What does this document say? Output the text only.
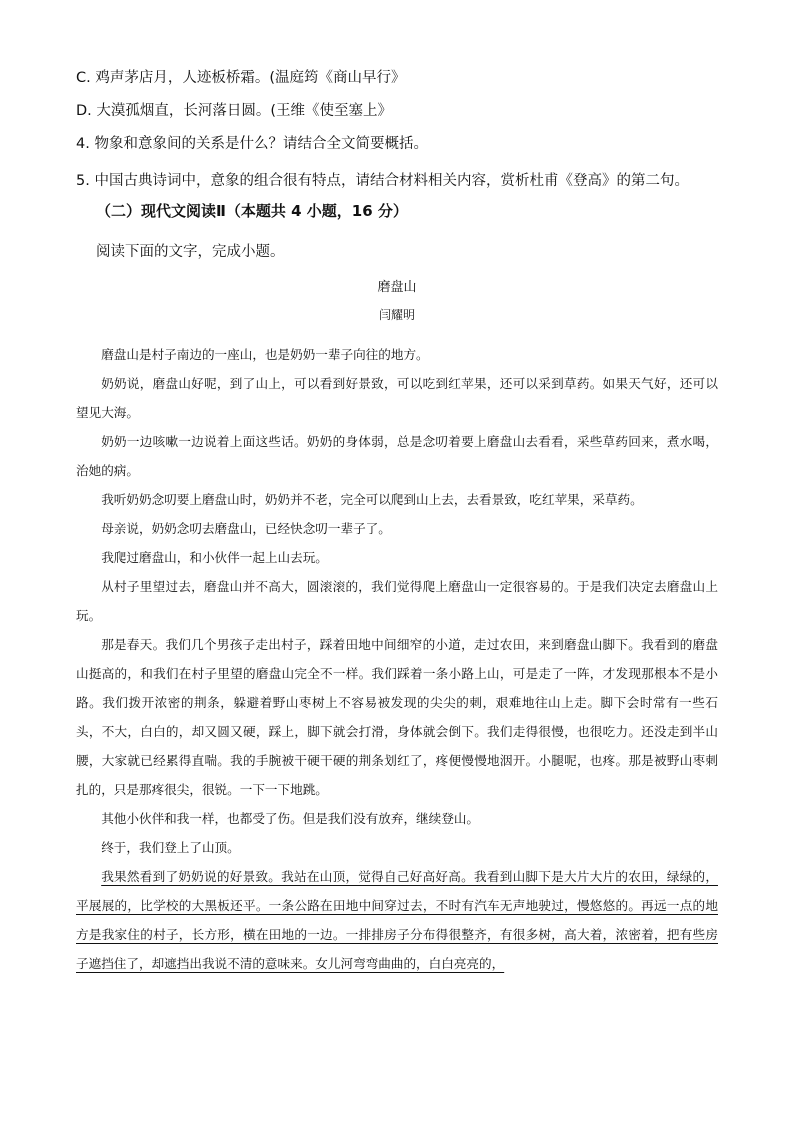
C. 鸡声茅店月，人迹板桥霜。(温庭筠《商山早行》
D. 大漠孤烟直，长河落日圆。(王维《使至塞上》
4. 物象和意象间的关系是什么？请结合全文简要概括。
5. 中国古典诗词中，意象的组合很有特点，请结合材料相关内容，赏析杜甫《登高》的第二句。
（二）现代文阅读Ⅱ（本题共 4 小题，16 分）
阅读下面的文字，完成小题。
磨盘山
闫耀明

磨盘山是村子南边的一座山，也是奶奶一辈子向往的地方。

奶奶说，磨盘山好呢，到了山上，可以看到好景致，可以吃到红苹果，还可以采到草药。如果天气好，还可以望见大海。

奶奶一边咳嗽一边说着上面这些话。奶奶的身体弱，总是念叨着要上磨盘山去看看，采些草药回来，煮水喝，治她的病。

我听奶奶念叨要上磨盘山时，奶奶并不老，完全可以爬到山上去，去看景致，吃红苹果，采草药。

母亲说，奶奶念叨去磨盘山，已经快念叨一辈子了。

我爬过磨盘山，和小伙伴一起上山去玩。

从村子里望过去，磨盘山并不高大，圆滚滚的，我们觉得爬上磨盘山一定很容易的。于是我们决定去磨盘山上玩。

那是春天。我们几个男孩子走出村子，踩着田地中间细窄的小道，走过农田，来到磨盘山脚下。我看到的磨盘山挺高的，和我们在村子里望的磨盘山完全不一样。我们踩着一条小路上山，可是走了一阵，才发现那根本不是小路。我们拨开浓密的荆条，躲避着野山枣树上不容易被发现的尖尖的刺，艰难地往山上走。脚下会时常有一些石头，不大，白白的，却又圆又硬，踩上，脚下就会打滑，身体就会倒下。我们走得很慢，也很吃力。还没走到半山腰，大家就已经累得直喘。我的手腕被干硬干硬的荆条划红了，疼便慢慢地洇开。小腿呢，也疼。那是被野山枣刺扎的，只是那疼很尖，很锐。一下一下地跳。

其他小伙伴和我一样，也都受了伤。但是我们没有放弃，继续登山。

终于，我们登上了山顶。

我果然看到了奶奶说的好景致。我站在山顶，觉得自己好高好高。我看到山脚下是大片大片的农田，绿绿的，平展展的，比学校的大黑板还平。一条公路在田地中间穿过去，不时有汽车无声地驶过，慢悠悠的。再远一点的地方是我家住的村子，长方形，横在田地的一边。一排排房子分布得很整齐，有很多树，高大着，浓密着，把有些房子遮挡住了，却遮挡出我说不清的意味来。女儿河弯弯曲曲的，白白亮亮的，
